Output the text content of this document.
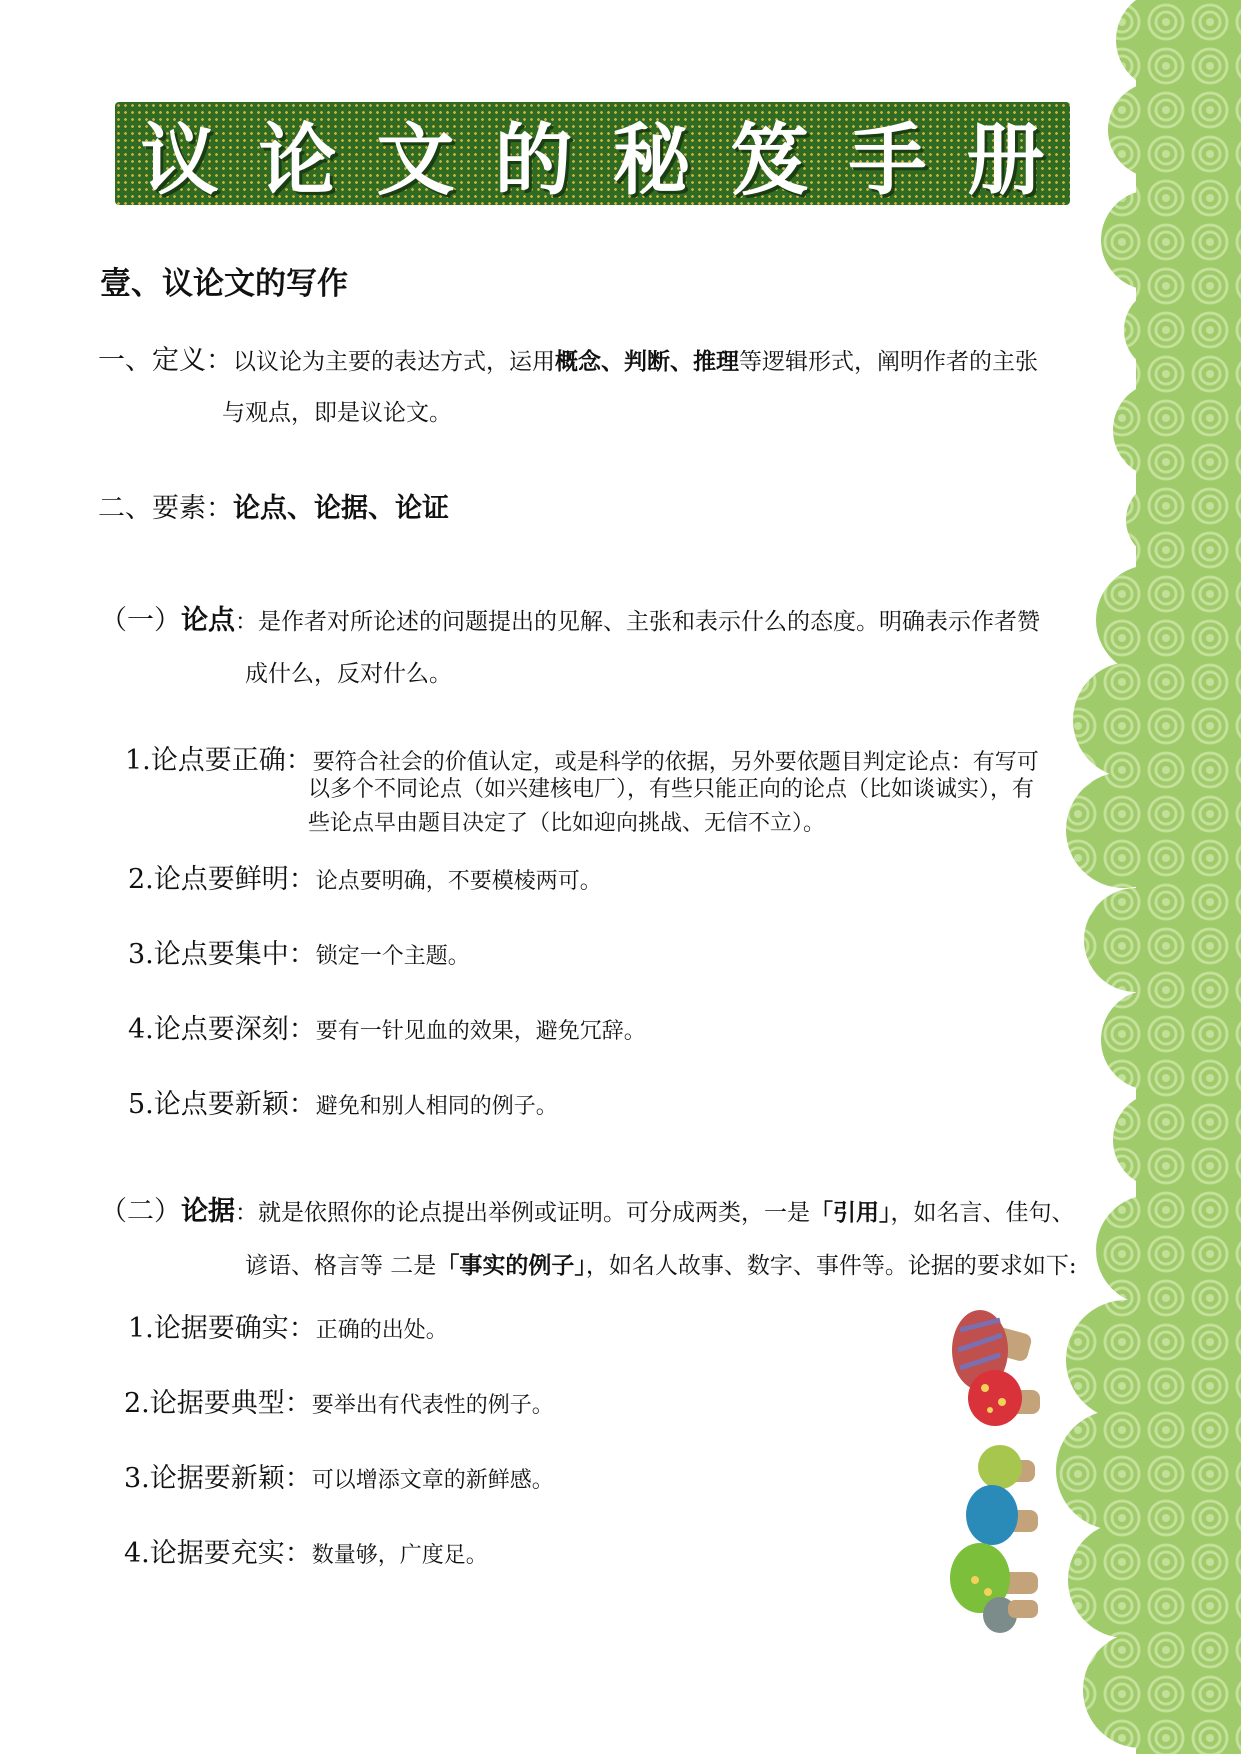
议论文的秘笈手册
壹、议论文的写作
一、定义：以议论为主要的表达方式，运用概念、判断、推理等逻辑形式，阐明作者的主张
与观点，即是议论文。
二、要素：论点、论据、论证
（一）论点：是作者对所论述的问题提出的见解、主张和表示什么的态度。明确表示作者赞
成什么，反对什么。
1.论点要正确：要符合社会的价值认定，或是科学的依据，另外要依题目判定论点：有写可
以多个不同论点（如兴建核电厂），有些只能正向的论点（比如谈诚实），有
些论点早由题目决定了（比如迎向挑战、无信不立）。
2.论点要鲜明：论点要明确，不要模棱两可。
3.论点要集中：锁定一个主题。
4.论点要深刻：要有一针见血的效果，避免冗辞。
5.论点要新颖：避免和别人相同的例子。
（二）论据：就是依照你的论点提出举例或证明。可分成两类，一是「引用」，如名言、佳句、
谚语、格言等 二是「事实的例子」，如名人故事、数字、事件等。论据的要求如下:
1.论据要确实：正确的出处。
2.论据要典型：要举出有代表性的例子。
3.论据要新颖：可以增添文章的新鲜感。
4.论据要充实：数量够，广度足。
